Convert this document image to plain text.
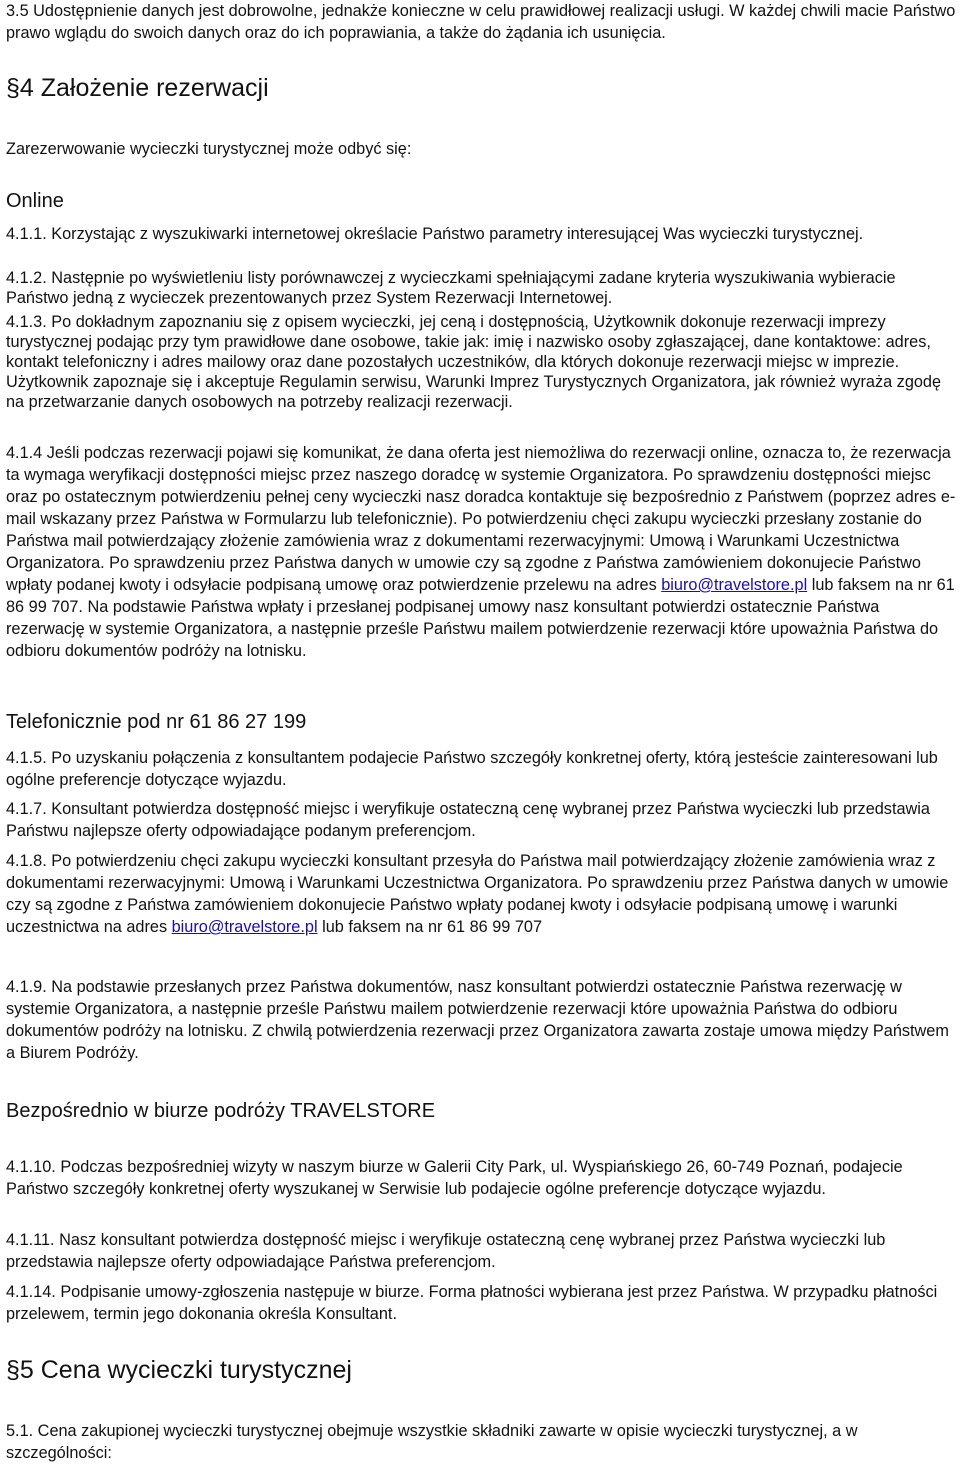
3.5 Udostępnienie danych jest dobrowolne, jednakże konieczne w celu prawidłowej realizacji usługi. W każdej chwili macie Państwo prawo wglądu do swoich danych oraz do ich poprawiania, a także do żądania ich usunięcia.

§4 Założenie rezerwacji

Zarezerwowanie wycieczki turystycznej może odbyć się:

Online

4.1.1. Korzystając z wyszukiwarki internetowej określacie Państwo parametry interesującej Was wycieczki turystycznej.

4.1.2. Następnie po wyświetleniu listy porównawczej z wycieczkami spełniającymi zadane kryteria wyszukiwania wybieracie Państwo jedną z wycieczek prezentowanych przez System Rezerwacji Internetowej.

4.1.3. Po dokładnym zapoznaniu się z opisem wycieczki, jej ceną i dostępnością, Użytkownik dokonuje rezerwacji imprezy turystycznej podając przy tym prawidłowe dane osobowe, takie jak: imię i nazwisko osoby zgłaszającej, dane kontaktowe: adres, kontakt telefoniczny i adres mailowy oraz dane pozostałych uczestników, dla których dokonuje rezerwacji miejsc w imprezie. Użytkownik zapoznaje się i akceptuje Regulamin serwisu, Warunki Imprez Turystycznych Organizatora, jak również wyraża zgodę na przetwarzanie danych osobowych na potrzeby realizacji rezerwacji.

4.1.4 Jeśli podczas rezerwacji pojawi się komunikat, że dana oferta jest niemożliwa do rezerwacji online, oznacza to, że rezerwacja ta wymaga weryfikacji dostępności miejsc przez naszego doradcę w systemie Organizatora. Po sprawdzeniu dostępności miejsc oraz po ostatecznym potwierdzeniu pełnej ceny wycieczki nasz doradca kontaktuje się bezpośrednio z Państwem (poprzez adres e-mail wskazany przez Państwa w Formularzu lub telefonicznie). Po potwierdzeniu chęci zakupu wycieczki przesłany zostanie do Państwa mail potwierdzający złożenie zamówienia wraz z dokumentami rezerwacyjnymi: Umową i Warunkami Uczestnictwa Organizatora. Po sprawdzeniu przez Państwa danych w umowie czy są zgodne z Państwa zamówieniem dokonujecie Państwo wpłaty podanej kwoty i odsyłacie podpisaną umowę oraz potwierdzenie przelewu na adres biuro@travelstore.pl lub faksem na nr 61 86 99 707. Na podstawie Państwa wpłaty i przesłanej podpisanej umowy nasz konsultant potwierdzi ostatecznie Państwa rezerwację w systemie Organizatora, a następnie prześle Państwu mailem potwierdzenie rezerwacji które upoważnia Państwa do odbioru dokumentów podróży na lotnisku.

Telefonicznie pod nr 61 86 27 199

4.1.5. Po uzyskaniu połączenia z konsultantem podajecie Państwo szczegóły konkretnej oferty, którą jesteście zainteresowani lub ogólne preferencje dotyczące wyjazdu.

4.1.7. Konsultant potwierdza dostępność miejsc i weryfikuje ostateczną cenę wybranej przez Państwa wycieczki lub przedstawia Państwu najlepsze oferty odpowiadające podanym preferencjom.

4.1.8. Po potwierdzeniu chęci zakupu wycieczki konsultant przesyła do Państwa mail potwierdzający złożenie zamówienia wraz z dokumentami rezerwacyjnymi: Umową i Warunkami Uczestnictwa Organizatora. Po sprawdzeniu przez Państwa danych w umowie czy są zgodne z Państwa zamówieniem dokonujecie Państwo wpłaty podanej kwoty i odsyłacie podpisaną umowę i warunki uczestnictwa na adres biuro@travelstore.pl lub faksem na nr 61 86 99 707

4.1.9. Na podstawie przesłanych przez Państwa dokumentów, nasz konsultant potwierdzi ostatecznie Państwa rezerwację w systemie Organizatora, a następnie prześle Państwu mailem potwierdzenie rezerwacji które upoważnia Państwa do odbioru dokumentów podróży na lotnisku. Z chwilą potwierdzenia rezerwacji przez Organizatora zawarta zostaje umowa między Państwem a Biurem Podróży.

Bezpośrednio w biurze podróży TRAVELSTORE

4.1.10. Podczas bezpośredniej wizyty w naszym biurze w Galerii City Park, ul. Wyspiańskiego 26, 60-749 Poznań, podajecie Państwo szczegóły konkretnej oferty wyszukanej w Serwisie lub podajecie ogólne preferencje dotyczące wyjazdu.

4.1.11. Nasz konsultant potwierdza dostępność miejsc i weryfikuje ostateczną cenę wybranej przez Państwa wycieczki lub przedstawia najlepsze oferty odpowiadające Państwa preferencjom.

4.1.14. Podpisanie umowy-zgłoszenia następuje w biurze. Forma płatności wybierana jest przez Państwa. W przypadku płatności przelewem, termin jego dokonania określa Konsultant.

§5 Cena wycieczki turystycznej

5.1. Cena zakupionej wycieczki turystycznej obejmuje wszystkie składniki zawarte w opisie wycieczki turystycznej, a w szczególności:
